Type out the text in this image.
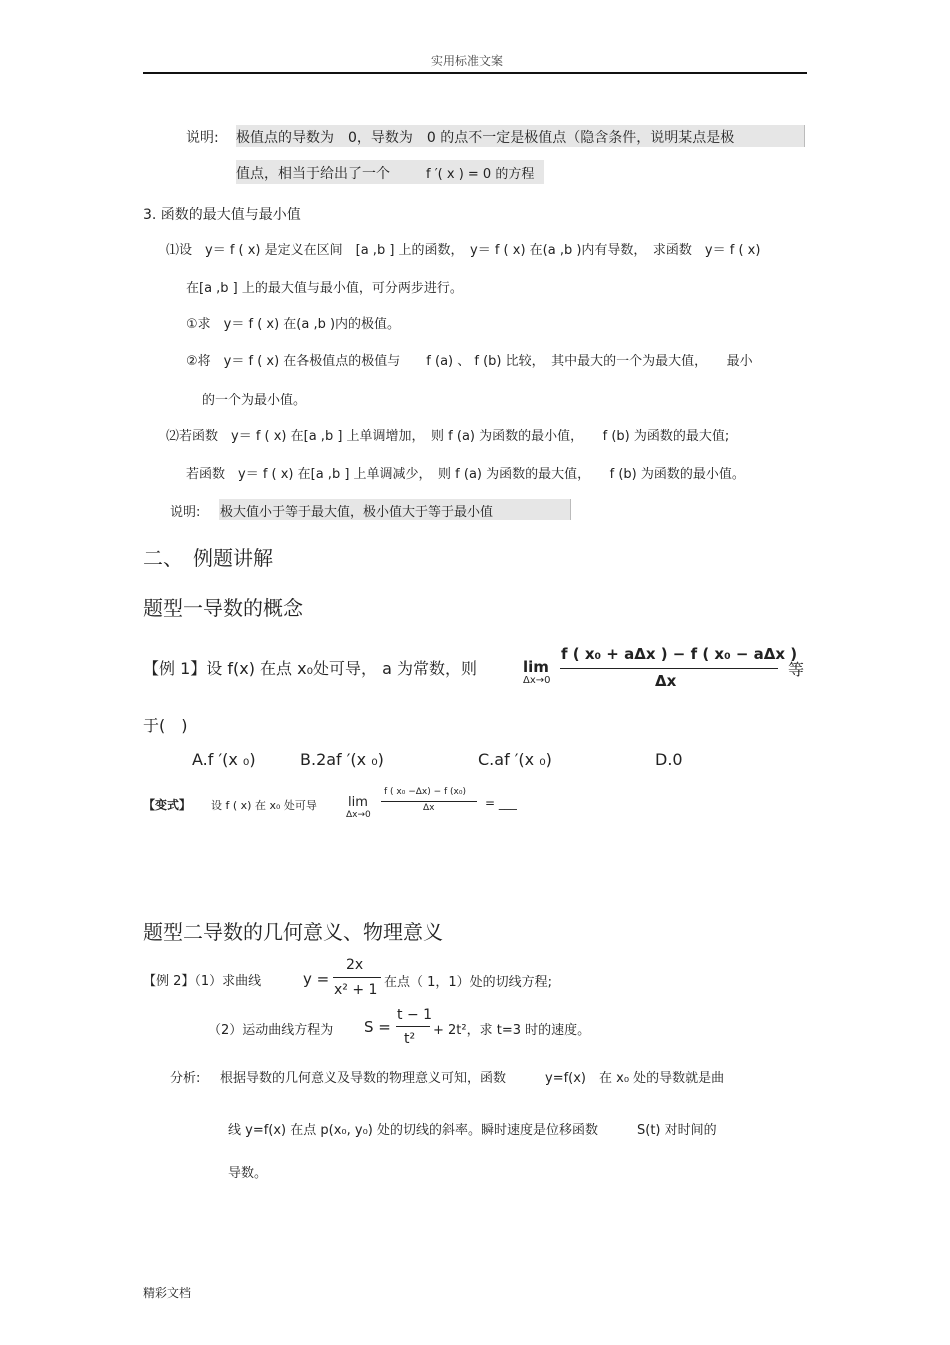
实用标准文案
说明: 极值点的导数为　0，导数为　0 的点不一定是极值点（隐含条件，说明某点是极
值点，相当于给出了一个	f ′( x ) = 0 的方程
3. 函数的最大值与最小值
⑴设　y＝ f ( x) 是定义在区间　[a ,b ] 上的函数，　y＝ f ( x) 在(a ,b )内有导数，　求函数　y＝ f ( x)
在[a ,b ] 上的最大值与最小值，可分两步进行。
①求　y＝ f ( x) 在(a ,b )内的极值。
②将　y＝ f ( x) 在各极值点的极值与　　f (a) 、 f (b) 比较，　其中最大的一个为最大值，　　最小
的一个为最小值。
⑵若函数　y＝ f ( x) 在[a ,b ] 上单调增加，　则 f (a) 为函数的最小值，　　f (b) 为函数的最大值;
若函数　y＝ f ( x) 在[a ,b ] 上单调减少，　则 f (a) 为函数的最大值，　　f (b) 为函数的最小值。
说明: 极大值小于等于最大值，极小值大于等于最小值
二、　例题讲解
题型一导数的概念
【例 1】设 f(x) 在点 x₀处可导， a 为常数，则	lim
Δx→0
f ( x₀ + aΔx ) − f ( x₀ − aΔx )
Δx
等
于(　)
A.f ′(x ₀)	B.2af ′(x ₀)	C.af ′(x ₀)	D.0
【变式】 设 f ( x) 在 x₀ 处可导 lim
Δx→0
f ( x₀ −Δx) − f (x₀)
Δx	= ___
题型二导数的几何意义、物理意义
【例 2】（1）求曲线	y =
2x
x² + 1 在点（ 1，1）处的切线方程;
（2）运动曲线方程为 S =
t − 1
t²
+ 2t²，求 t=3 时的速度。
分析: 根据导数的几何意义及导数的物理意义可知，函数　　　y=f(x)　在 x₀ 处的导数就是曲
线 y=f(x) 在点 p(x₀, y₀) 处的切线的斜率。瞬时速度是位移函数　　　S(t) 对时间的
导数。
精彩文档
